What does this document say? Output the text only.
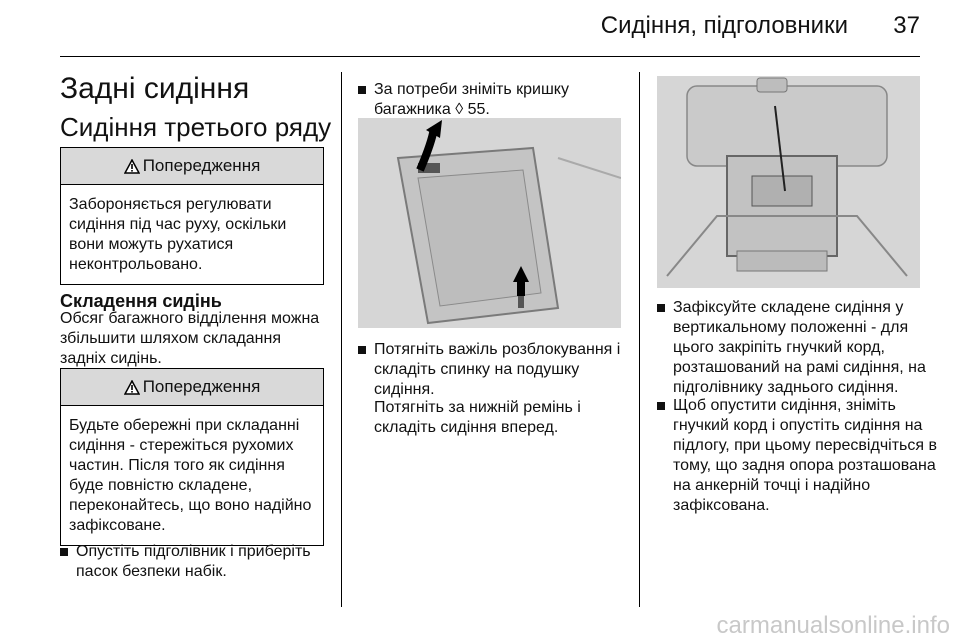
Сидіння, підголовники 37
Задні сидіння
Сидіння третього ряду
Попередження
Забороняється регулювати сидіння під час руху, оскільки вони можуть рухатися неконтрольовано.
Складення сидінь
Обсяг багажного відділення можна збільшити шляхом складання задніх сидінь.
Попередження
Будьте обережні при складанні сидіння - стережіться рухомих частин. Після того як сидіння буде повністю складене, переконайтесь, що воно надійно зафіксоване.
Опустіть підголівник і приберіть пасок безпеки набік.
За потреби зніміть кришку багажника ◊ 55.
Потягніть важіль розблокування і складіть спинку на подушку сидіння.
Потягніть за нижній ремінь і складіть сидіння вперед.
Зафіксуйте складене сидіння у вертикальному положенні - для цього закріпіть гнучкий корд, розташований на рамі сидіння, на підголівнику заднього сидіння.
Щоб опустити сидіння, зніміть гнучкий корд і опустіть сидіння на підлогу, при цьому пересвідчіться в тому, що задня опора розташована на анкерній точці і надійно зафіксована.
carmanualsonline.info
